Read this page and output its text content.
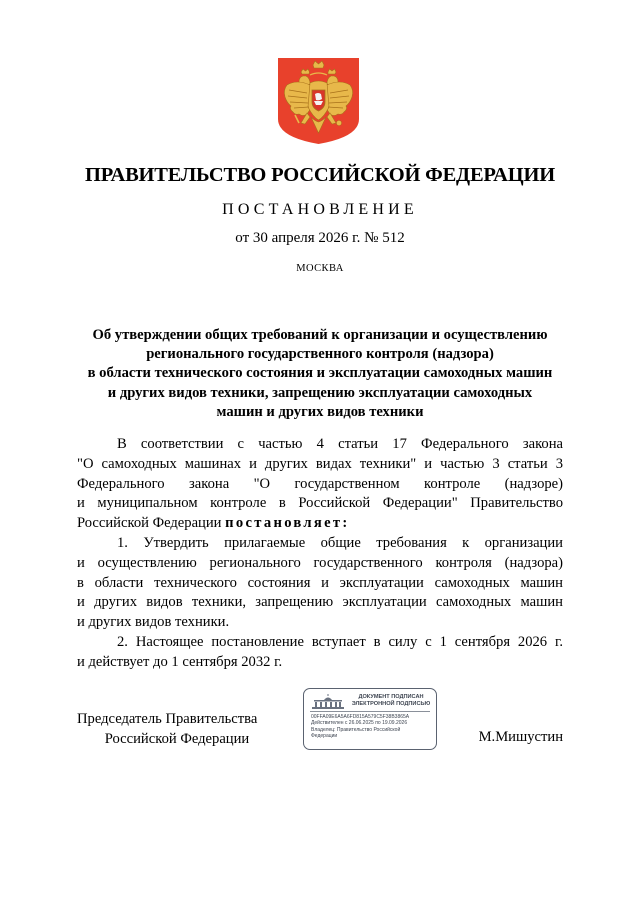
ПРАВИТЕЛЬСТВО РОССИЙСКОЙ ФЕДЕРАЦИИ
ПОСТАНОВЛЕНИЕ
от 30 апреля 2026 г. № 512
МОСКВА
Об утверждении общих требований к организации и осуществлению
регионального государственного контроля (надзора)
в области технического состояния и эксплуатации самоходных машин
и других видов техники, запрещению эксплуатации самоходных
машин и других видов техники
В соответствии с частью 4 статьи 17 Федерального закона
"О самоходных машинах и других видах техники" и частью 3 статьи 3
Федерального закона "О государственном контроле (надзоре)
и муниципальном контроле в Российской Федерации" Правительство
Российской Федерации постановляет:
1. Утвердить прилагаемые общие требования к организации
и осуществлению регионального государственного контроля (надзора)
в области технического состояния и эксплуатации самоходных машин
и других видов техники, запрещению эксплуатации самоходных машин
и других видов техники.
2. Настоящее постановление вступает в силу с 1 сентября 2026 г.
и действует до 1 сентября 2032 г.
Председатель Правительства
Российской Федерации
ДОКУМЕНТ ПОДПИСАН
ЭЛЕКТРОННОЙ ПОДПИСЬЮ
00FFA09E6A5A6FD815A579C5F38B3865A
Действителен с 26.06.2025 по 19.09.2026
Владелец: Правительство Российской
Федерации	М.Мишустин
